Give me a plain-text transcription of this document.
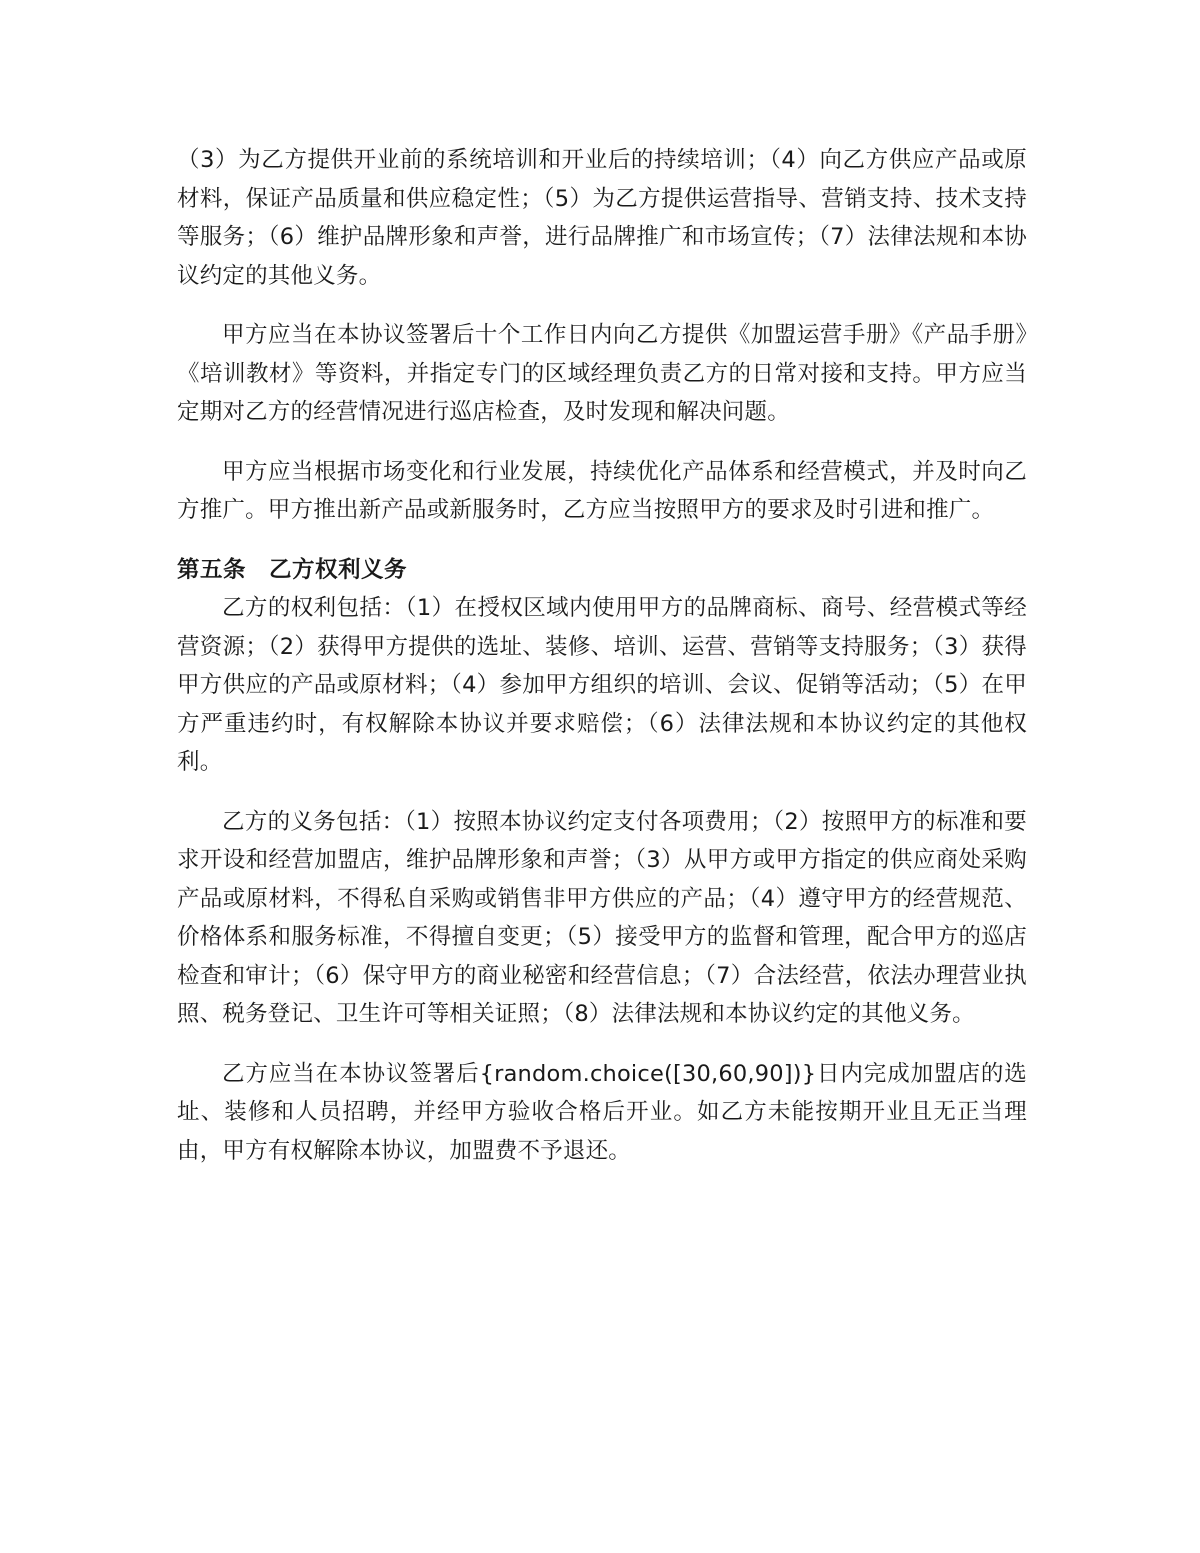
（3）为乙方提供开业前的系统培训和开业后的持续培训；（4）向乙方供应产品或原材料，保证产品质量和供应稳定性；（5）为乙方提供运营指导、营销支持、技术支持等服务；（6）维护品牌形象和声誉，进行品牌推广和市场宣传；（7）法律法规和本协议约定的其他义务。

甲方应当在本协议签署后十个工作日内向乙方提供《加盟运营手册》《产品手册》《培训教材》等资料，并指定专门的区域经理负责乙方的日常对接和支持。甲方应当定期对乙方的经营情况进行巡店检查，及时发现和解决问题。

甲方应当根据市场变化和行业发展，持续优化产品体系和经营模式，并及时向乙方推广。甲方推出新产品或新服务时，乙方应当按照甲方的要求及时引进和推广。

第五条　乙方权利义务

乙方的权利包括：（1）在授权区域内使用甲方的品牌商标、商号、经营模式等经营资源；（2）获得甲方提供的选址、装修、培训、运营、营销等支持服务；（3）获得甲方供应的产品或原材料；（4）参加甲方组织的培训、会议、促销等活动；（5）在甲方严重违约时，有权解除本协议并要求赔偿；（6）法律法规和本协议约定的其他权利。

乙方的义务包括：（1）按照本协议约定支付各项费用；（2）按照甲方的标准和要求开设和经营加盟店，维护品牌形象和声誉；（3）从甲方或甲方指定的供应商处采购产品或原材料，不得私自采购或销售非甲方供应的产品；（4）遵守甲方的经营规范、价格体系和服务标准，不得擅自变更；（5）接受甲方的监督和管理，配合甲方的巡店检查和审计；（6）保守甲方的商业秘密和经营信息；（7）合法经营，依法办理营业执照、税务登记、卫生许可等相关证照；（8）法律法规和本协议约定的其他义务。

乙方应当在本协议签署后{random.choice([30,60,90])}日内完成加盟店的选址、装修和人员招聘，并经甲方验收合格后开业。如乙方未能按期开业且无正当理由，甲方有权解除本协议，加盟费不予退还。
